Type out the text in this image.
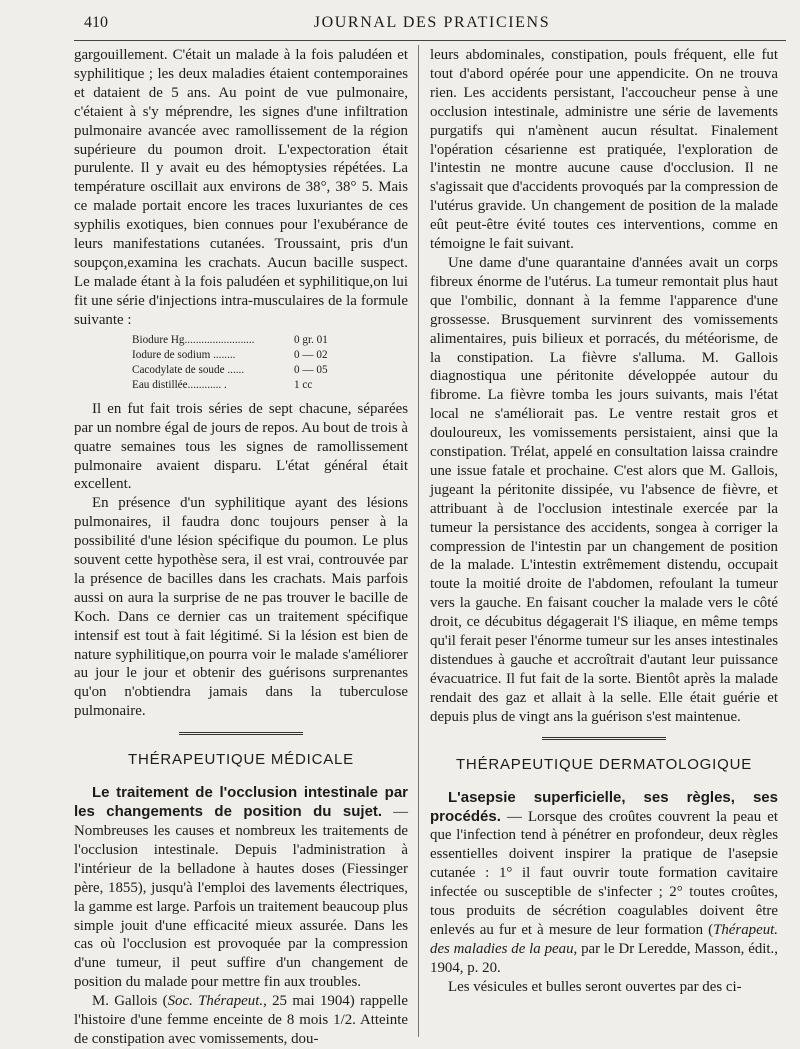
410	JOURNAL DES PRATICIENS

gargouillement. C'était un malade à la fois paludéen et syphilitique ; les deux maladies étaient contemporaines et dataient de 5 ans. Au point de vue pulmonaire, c'étaient à s'y méprendre, les signes d'une infiltration pulmonaire avancée avec ramollissement de la région supérieure du poumon droit. L'expectoration était purulente. Il y avait eu des hémoptysies répétées. La température oscillait aux environs de 38°, 38° 5. Mais ce malade portait encore les traces luxuriantes de ces syphilis exotiques, bien connues pour l'exubérance de leurs manifestations cutanées. Troussaint, pris d'un soupçon,examina les crachats. Aucun bacille suspect. Le malade étant à la fois paludéen et syphilitique,on lui fit une série d'injections intra-musculaires de la formule suivante :

Biodure Hg.........................	0 gr. 01
Iodure de sodium ........	0 — 02
Cacodylate de soude ......	0 — 05
Eau distillée............ .	1 cc

Il en fut fait trois séries de sept chacune, séparées par un nombre égal de jours de repos. Au bout de trois à quatre semaines tous les signes de ramollissement pulmonaire avaient disparu. L'état général était excellent.

En présence d'un syphilitique ayant des lésions pulmonaires, il faudra donc toujours penser à la possibilité d'une lésion spécifique du poumon. Le plus souvent cette hypothèse sera, il est vrai, controuvée par la présence de bacilles dans les crachats. Mais parfois aussi on aura la surprise de ne pas trouver le bacille de Koch. Dans ce dernier cas un traitement spécifique intensif est tout à fait légitimé. Si la lésion est bien de nature syphilitique,on pourra voir le malade s'améliorer au jour le jour et obtenir des guérisons surprenantes qu'on n'obtiendra jamais dans la tuberculose pulmonaire.

THÉRAPEUTIQUE MÉDICALE

Le traitement de l'occlusion intestinale par les changements de position du sujet. — Nombreuses les causes et nombreux les traitements de l'occlusion intestinale. Depuis l'administration à l'intérieur de la belladone à hautes doses (Fiessinger père, 1855), jusqu'à l'emploi des lavements électriques, la gamme est large. Parfois un traitement beaucoup plus simple jouit d'une efficacité mieux assurée. Dans les cas où l'occlusion est provoquée par la compression d'une tumeur, il peut suffire d'un changement de position du malade pour mettre fin aux troubles.

M. Gallois (Soc. Thérapeut., 25 mai 1904) rappelle l'histoire d'une femme enceinte de 8 mois 1/2. Atteinte de constipation avec vomissements, dou-

leurs abdominales, constipation, pouls fréquent, elle fut tout d'abord opérée pour une appendicite. On ne trouva rien. Les accidents persistant, l'accoucheur pense à une occlusion intestinale, administre une série de lavements purgatifs qui n'amènent aucun résultat. Finalement l'opération césarienne est pratiquée, l'exploration de l'intestin ne montre aucune cause d'occlusion. Il ne s'agissait que d'accidents provoqués par la compression de l'utérus gravide. Un changement de position de la malade eût peut-être évité toutes ces interventions, comme en témoigne le fait suivant.

Une dame d'une quarantaine d'années avait un corps fibreux énorme de l'utérus. La tumeur remontait plus haut que l'ombilic, donnant à la femme l'apparence d'une grossesse. Brusquement survinrent des vomissements alimentaires, puis bilieux et porracés, du météorisme, de la constipation. La fièvre s'alluma. M. Gallois diagnostiqua une péritonite développée autour du fibrome. La fièvre tomba les jours suivants, mais l'état local ne s'améliorait pas. Le ventre restait gros et douloureux, les vomissements persistaient, ainsi que la constipation. Trélat, appelé en consultation laissa craindre une issue fatale et prochaine. C'est alors que M. Gallois, jugeant la péritonite dissipée, vu l'absence de fièvre, et attribuant à de l'occlusion intestinale exercée par la tumeur la persistance des accidents, songea à corriger la compression de l'intestin par un changement de position de la malade. L'intestin extrêmement distendu, occupait toute la moitié droite de l'abdomen, refoulant la tumeur vers la gauche. En faisant coucher la malade vers le côté droit, ce décubitus dégagerait l'S iliaque, en même temps qu'il ferait peser l'énorme tumeur sur les anses intestinales distendues à gauche et accroîtrait d'autant leur puissance évacuatrice. Il fut fait de la sorte. Bientôt après la malade rendait des gaz et allait à la selle. Elle était guérie et depuis plus de vingt ans la guérison s'est maintenue.

THÉRAPEUTIQUE DERMATOLOGIQUE

L'asepsie superficielle, ses règles, ses procédés. — Lorsque des croûtes couvrent la peau et que l'infection tend à pénétrer en profondeur, deux règles essentielles doivent inspirer la pratique de l'asepsie cutanée : 1° il faut ouvrir toute formation cavitaire infectée ou susceptible de s'infecter ; 2° toutes croûtes, tous produits de sécrétion coagulables doivent être enlevés au fur et à mesure de leur formation (Thérapeut. des maladies de la peau, par le Dr Leredde, Masson, édit., 1904, p. 20.

Les vésicules et bulles seront ouvertes par des ci-
